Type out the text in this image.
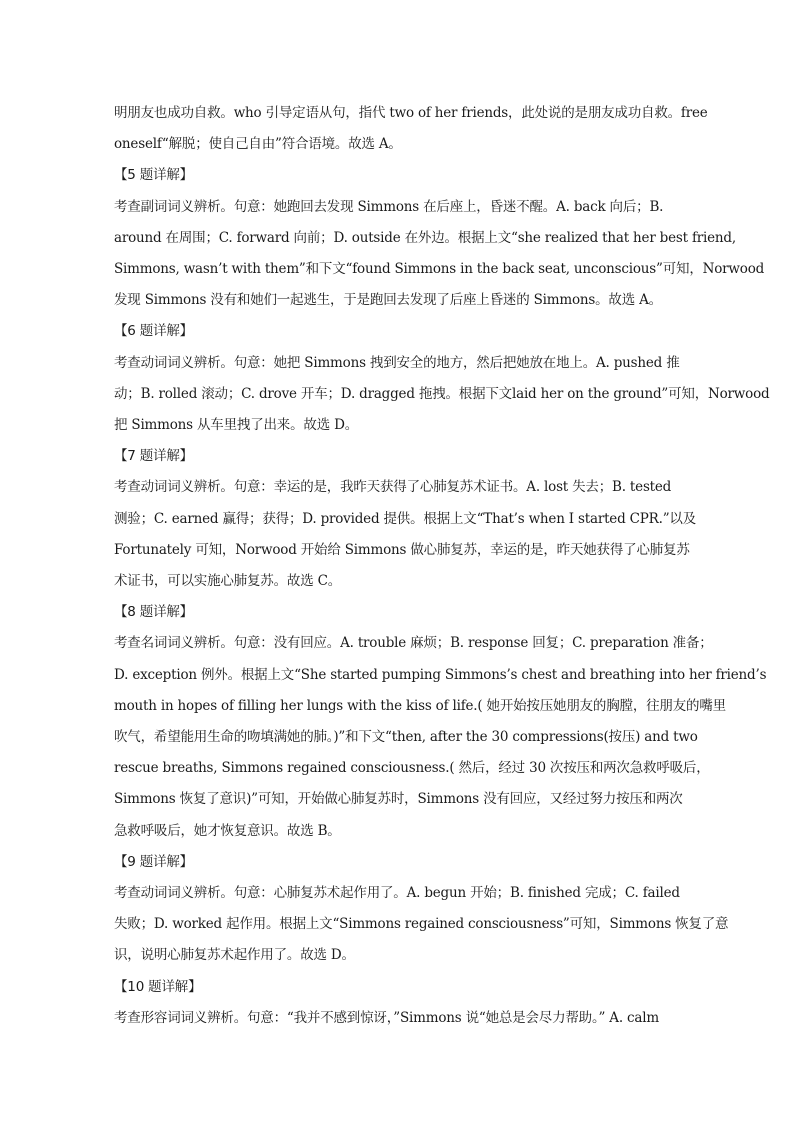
明朋友也成功自救。who 引导定语从句，指代 two of her friends，此处说的是朋友成功自救。free
oneself“解脱；使自己自由”符合语境。故选 A。
【5 题详解】
考查副词词义辨析。句意：她跑回去发现 Simmons 在后座上，昏迷不醒。A. back 向后；B.
around 在周围；C. forward 向前；D. outside 在外边。根据上文“she realized that her best friend,
Simmons, wasn’t with them”和下文“found Simmons in the back seat, unconscious”可知，Norwood
发现 Simmons 没有和她们一起逃生，于是跑回去发现了后座上昏迷的 Simmons。故选 A。
【6 题详解】
考查动词词义辨析。句意：她把 Simmons 拽到安全的地方，然后把她放在地上。A. pushed 推
动；B. rolled 滚动；C. drove 开车；D. dragged 拖拽。根据下文laid her on the ground”可知，Norwood
把 Simmons 从车里拽了出来。故选 D。
【7 题详解】
考查动词词义辨析。句意：幸运的是，我昨天获得了心肺复苏术证书。A. lost 失去；B. tested
测验；C. earned 赢得；获得；D. provided 提供。根据上文“That’s when I started CPR.”以及
Fortunately 可知，Norwood 开始给 Simmons 做心肺复苏，幸运的是，昨天她获得了心肺复苏
术证书，可以实施心肺复苏。故选 C。
【8 题详解】
考查名词词义辨析。句意：没有回应。A. trouble 麻烦；B. response 回复；C. preparation 准备；
D. exception 例外。根据上文“She started pumping Simmons’s chest and breathing into her friend’s
mouth in hopes of filling her lungs with the kiss of life.( 她开始按压她朋友的胸膛，往朋友的嘴里
吹气，希望能用生命的吻填满她的肺。)”和下文“then, after the 30 compressions(按压) and two
rescue breaths, Simmons regained consciousness.( 然后，经过 30 次按压和两次急救呼吸后，
Simmons 恢复了意识)”可知，开始做心肺复苏时，Simmons 没有回应，又经过努力按压和两次
急救呼吸后，她才恢复意识。故选 B。
【9 题详解】
考查动词词义辨析。句意：心肺复苏术起作用了。A. begun 开始；B. finished 完成；C. failed
失败；D. worked 起作用。根据上文“Simmons regained consciousness”可知，Simmons 恢复了意
识，说明心肺复苏术起作用了。故选 D。
【10 题详解】
考查形容词词义辨析。句意：“我并不感到惊讶，”Simmons 说“她总是会尽力帮助。” A. calm
